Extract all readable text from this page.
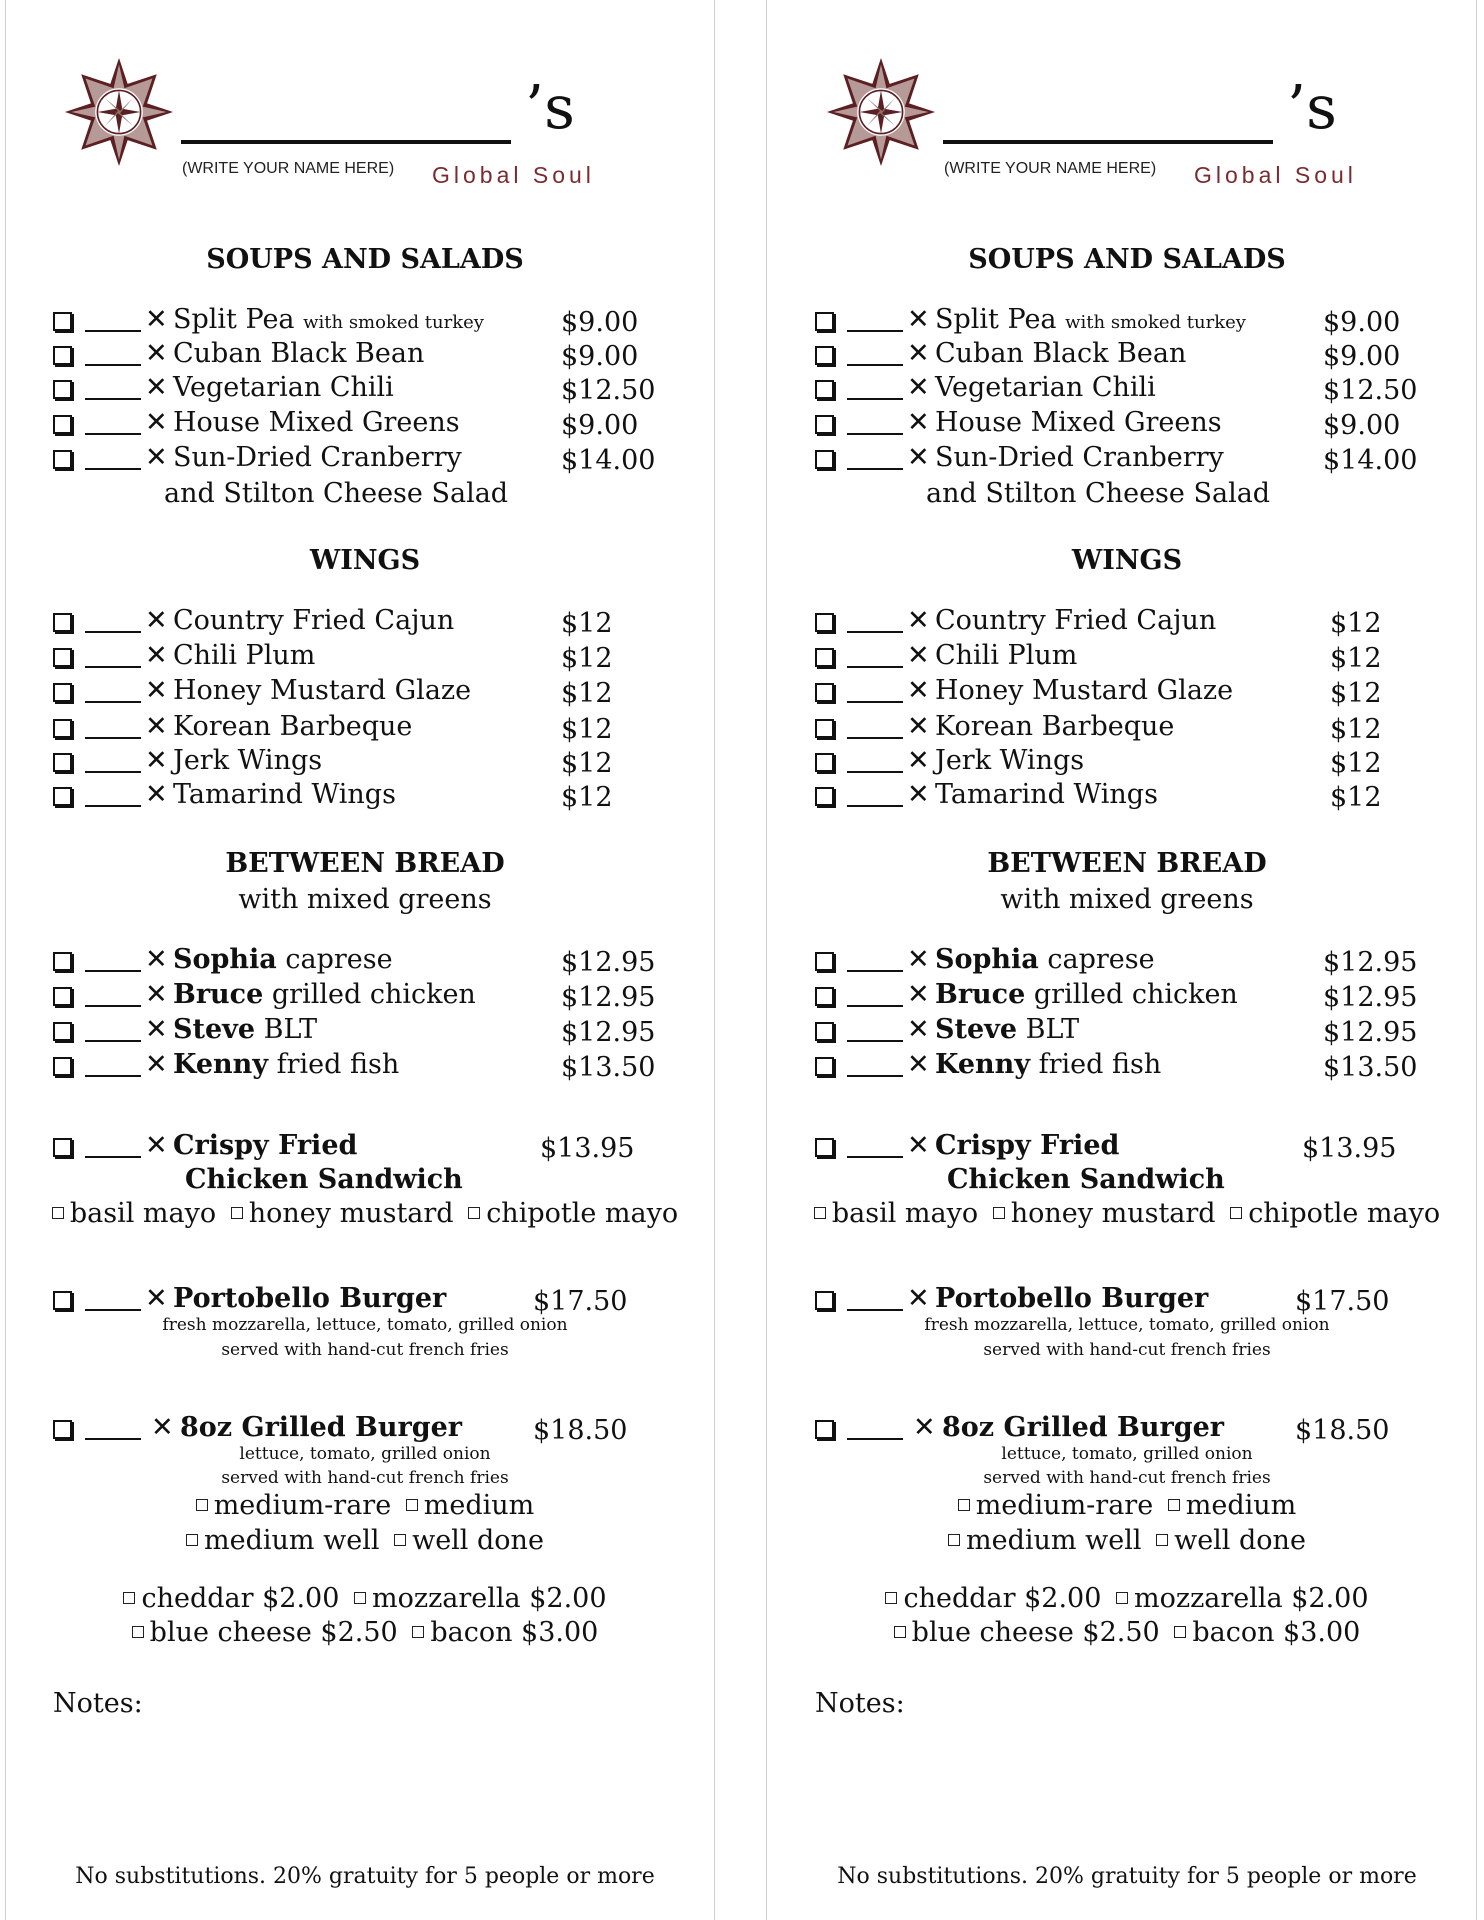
’s
(WRITE YOUR NAME HERE) Global Soul
SOUPS AND SALADS
✕ Split Pea with smoked turkey	$9.00
✕ Cuban Black Bean	$9.00
✕ Vegetarian Chili	$12.50
✕ House Mixed Greens	$9.00
✕ Sun-Dried Cranberry	$14.00
and Stilton Cheese Salad
WINGS
✕ Country Fried Cajun	$12
✕ Chili Plum	$12
✕ Honey Mustard Glaze	$12
✕ Korean Barbeque	$12
✕ Jerk Wings	$12
✕ Tamarind Wings	$12
BETWEEN BREAD
with mixed greens
✕ Sophia caprese	$12.95
✕ Bruce grilled chicken	$12.95
✕ Steve BLT	$12.95
✕ Kenny fried fish	$13.50
✕ Crispy Fried	$13.95
Chicken Sandwich
basil mayo honey mustard chipotle mayo
✕ Portobello Burger	$17.50
fresh mozzarella, lettuce, tomato, grilled onion
served with hand-cut french fries
✕ 8oz Grilled Burger	$18.50
lettuce, tomato, grilled onion
served with hand-cut french fries
medium-rare medium
medium well well done
cheddar $2.00 mozzarella $2.00
blue cheese $2.50 bacon $3.00
Notes:
No substitutions. 20% gratuity for 5 people or more
’s
(WRITE YOUR NAME HERE) Global Soul
SOUPS AND SALADS
✕ Split Pea with smoked turkey	$9.00
✕ Cuban Black Bean	$9.00
✕ Vegetarian Chili	$12.50
✕ House Mixed Greens	$9.00
✕ Sun-Dried Cranberry	$14.00
and Stilton Cheese Salad
WINGS
✕ Country Fried Cajun	$12
✕ Chili Plum	$12
✕ Honey Mustard Glaze	$12
✕ Korean Barbeque	$12
✕ Jerk Wings	$12
✕ Tamarind Wings	$12
BETWEEN BREAD
with mixed greens
✕ Sophia caprese	$12.95
✕ Bruce grilled chicken	$12.95
✕ Steve BLT	$12.95
✕ Kenny fried fish	$13.50
✕ Crispy Fried	$13.95
Chicken Sandwich
basil mayo honey mustard chipotle mayo
✕ Portobello Burger	$17.50
fresh mozzarella, lettuce, tomato, grilled onion
served with hand-cut french fries
✕ 8oz Grilled Burger	$18.50
lettuce, tomato, grilled onion
served with hand-cut french fries
medium-rare medium
medium well well done
cheddar $2.00 mozzarella $2.00
blue cheese $2.50 bacon $3.00
Notes:
No substitutions. 20% gratuity for 5 people or more
